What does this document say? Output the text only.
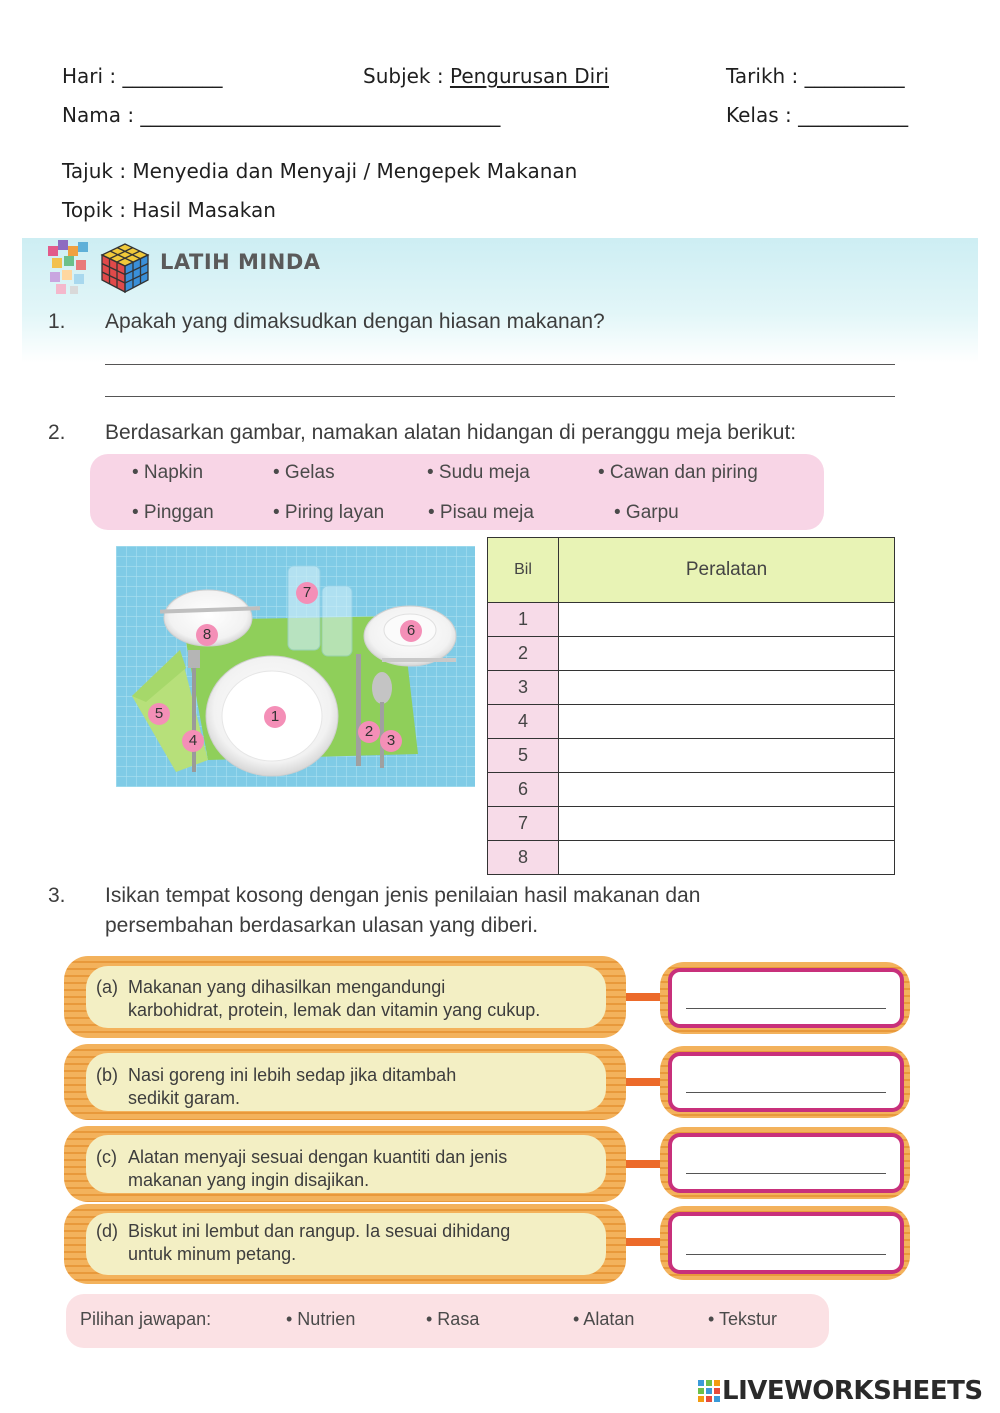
Hari : __________	Subjek : Pengurusan Diri	Tarikh : __________
Nama : ____________________________________	Kelas : ___________
Tajuk : Menyedia dan Menyaji / Mengepek Makanan
Topik : Hasil Masakan
LATIH MINDA
1. Apakah yang dimaksudkan dengan hiasan makanan?
2. Berdasarkan gambar, namakan alatan hidangan di peranggu meja berikut:
• Napkin	• Gelas	• Sudu meja	• Cawan dan piring
• Pinggan	• Piring layan • Pisau meja	• Garpu
7
8	6
5	1
2
3
4
Bil	Peralatan
1	
2	
3	
4	
5	
6	
7	
8	
3. Isikan tempat kosong dengan jenis penilaian hasil makanan dan
persembahan berdasarkan ulasan yang diberi.
(a) Makanan yang dihasilkan mengandungi
karbohidrat, protein, lemak dan vitamin yang cukup.
(b) Nasi goreng ini lebih sedap jika ditambah
sedikit garam.
(c) Alatan menyaji sesuai dengan kuantiti dan jenis
makanan yang ingin disajikan.
(d) Biskut ini lembut dan rangup. Ia sesuai dihidang
untuk minum petang.
Pilihan jawapan:	• Nutrien	• Rasa	• Alatan	• Tekstur
LIVEWORKSHEETS
